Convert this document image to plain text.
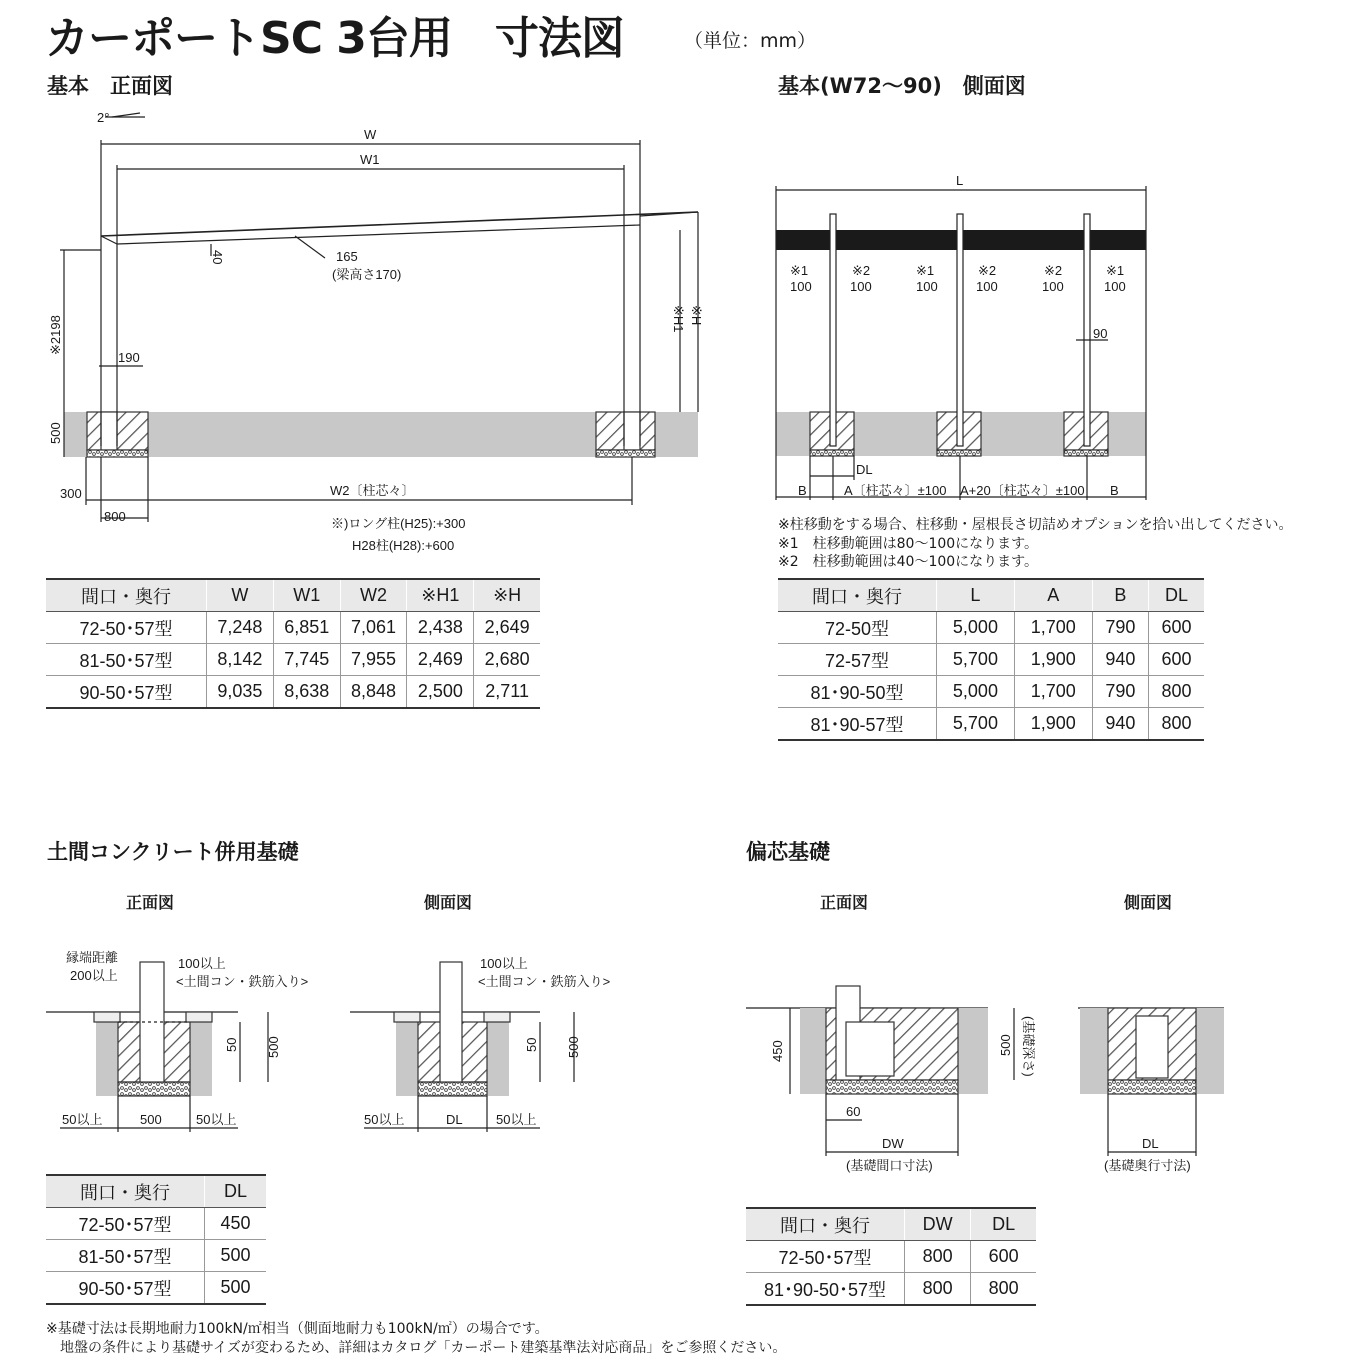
カーポートSC 3台用　寸法図	（単位：mm）
基本　正面図	基本(W72〜90)　側面図
2°
W
W1
40	165
(梁高さ170)
※2198
190
500
300
800
※H1 ※H
W2〔柱芯々〕
※)ロング柱(H25):+300
H28柱(H28):+600
L
※1
100
※2
100
※1
100
※2
100
※2
100
※1
100
90
DL
B	A〔柱芯々〕±100 A+20〔柱芯々〕±100 B
縁端距離
200以上
100以上
<土間コン・鉄筋入り>
50 500
50以上	500	50以上
100以上
<土間コン・鉄筋入り>
50 500
50以上	DL	50以上
450	500 (基礎深さ)
60
DW
(基礎間口寸法)
DL
(基礎奥行寸法)
※柱移動をする場合、柱移動・屋根長さ切詰めオプションを拾い出してください。
※1　柱移動範囲は80〜100になります。
※2　柱移動範囲は40〜100になります。
間口・奥行	W	W1	W2	※H1	※H
72-50･57型	7,248	6,851	7,061	2,438	2,649
81-50･57型	8,142	7,745	7,955	2,469	2,680
90-50･57型	9,035	8,638	8,848	2,500	2,711
間口・奥行	L	A	B	DL
72-50型	5,000	1,700	790	600
72-57型	5,700	1,900	940	600
81･90-50型	5,000	1,700	790	800
81･90-57型	5,700	1,900	940	800
土間コンクリート併用基礎	偏芯基礎
正面図	側面図	正面図	側面図
間口・奥行	DL
72-50･57型	450
81-50･57型	500
90-50･57型	500
間口・奥行	DW	DL
72-50･57型	800	600
81･90-50･57型	800	800
※基礎寸法は長期地耐力100kN/㎡相当（側面地耐力も100kN/㎡）の場合です。
　地盤の条件により基礎サイズが変わるため、詳細はカタログ「カーポート建築基準法対応商品」をご参照ください。
